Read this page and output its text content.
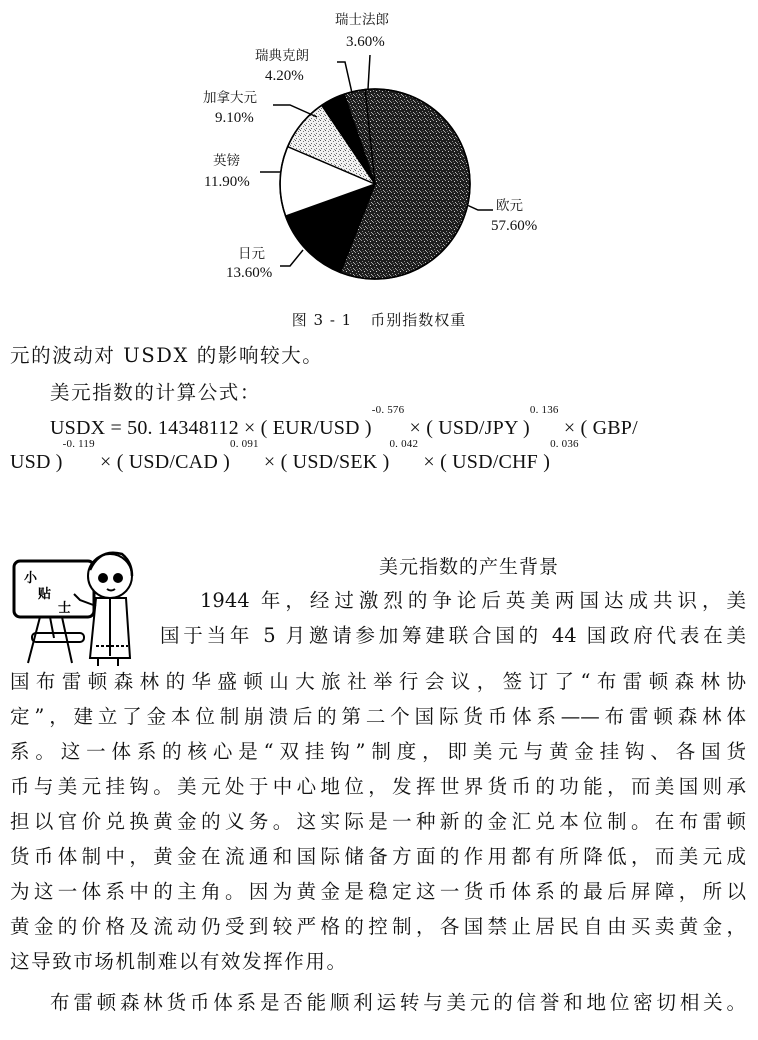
欧元
57.60%
日元
13.60%
英镑
11.90%
加拿大元
9.10%
瑞典克朗
4.20%
瑞士法郎
3.60%
图 3 - 1 币别指数权重
元的波动对 USDX 的影响较大。
美元指数的计算公式：
USDX = 50. 14348112 × ( EUR/USD )$^{-0. 576}$ × ( USD/JPY )$^{0. 136}$ × ( GBP/
USD )$^{-0. 119}$ × ( USD/CAD )$^{0. 091}$ × ( USD/SEK )$^{0. 042}$ × ( USD/CHF )$^{0. 036}$
小
贴
士
美元指数的产生背景
1944 年，经过激烈的争论后英美两国达成共识，美
国于当年 5 月邀请参加筹建联合国的 44 国政府代表在美
国布雷顿森林的华盛顿山大旅社举行会议，签订了“布雷顿森林协
定”，建立了金本位制崩溃后的第二个国际货币体系——布雷顿森林体
系。这一体系的核心是“双挂钩”制度，即美元与黄金挂钩、各国货
币与美元挂钩。美元处于中心地位，发挥世界货币的功能，而美国则承
担以官价兑换黄金的义务。这实际是一种新的金汇兑本位制。在布雷顿
货币体制中，黄金在流通和国际储备方面的作用都有所降低，而美元成
为这一体系中的主角。因为黄金是稳定这一货币体系的最后屏障，所以
黄金的价格及流动仍受到较严格的控制，各国禁止居民自由买卖黄金，
这导致市场机制难以有效发挥作用。
布雷顿森林货币体系是否能顺利运转与美元的信誉和地位密切相关。
